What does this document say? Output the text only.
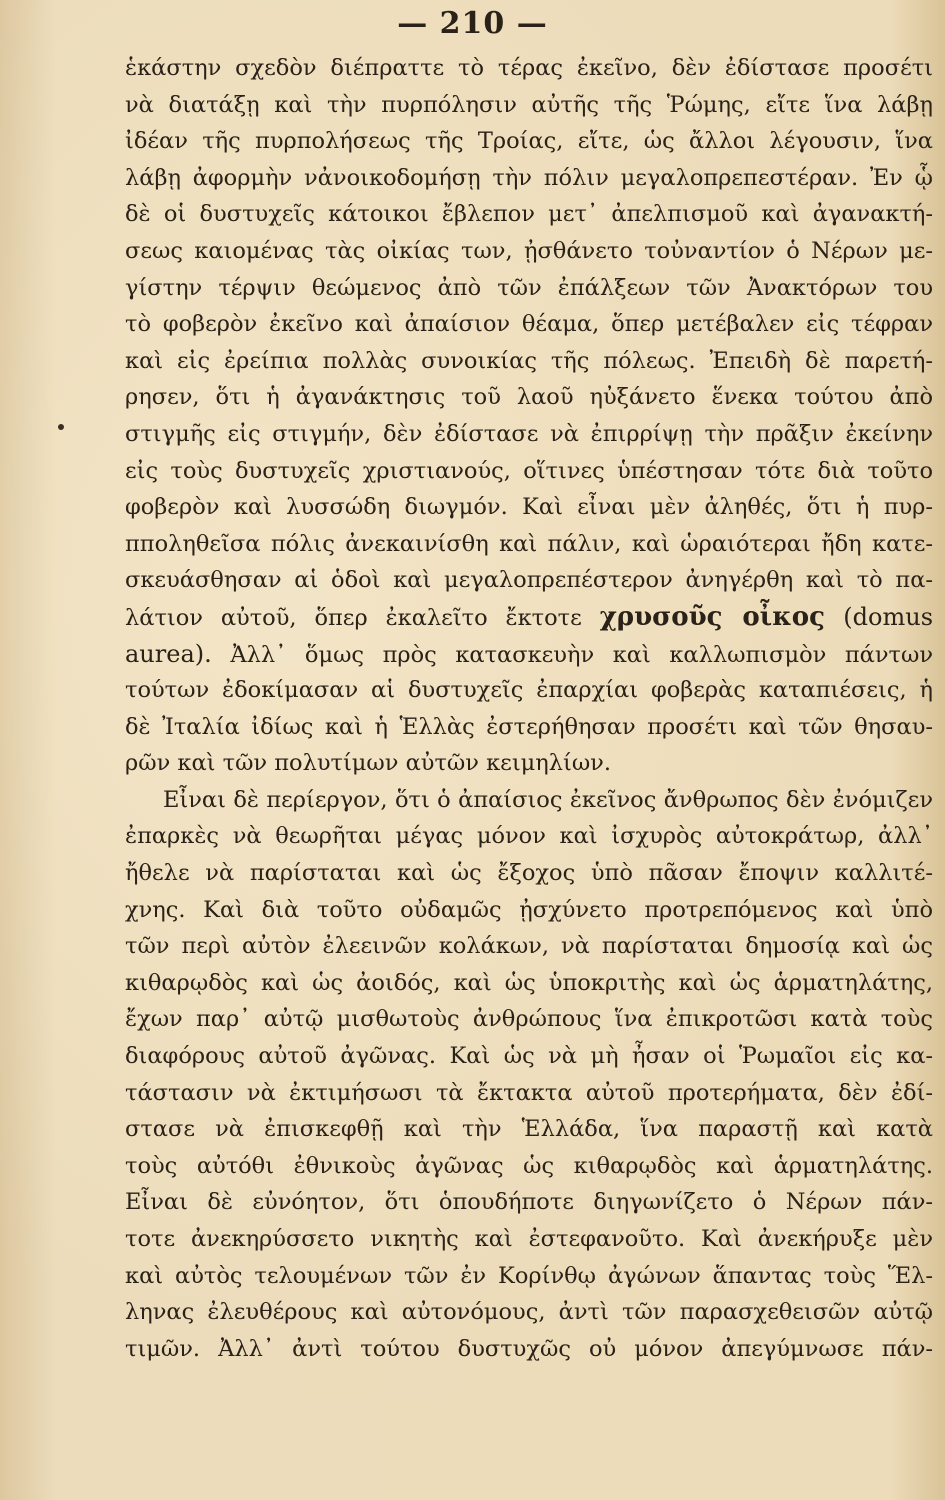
— 210 —
ἑκάστην σχεδὸν διέπραττε τὸ τέρας ἐκεῖνο, δὲν ἐδίστασε προσέτι
νὰ διατάξῃ καὶ τὴν πυρπόλησιν αὐτῆς τῆς Ῥώμης, εἴτε ἵνα λάβῃ
ἰδέαν τῆς πυρπολήσεως τῆς Τροίας, εἴτε, ὡς ἄλλοι λέγουσιν, ἵνα
λάβῃ ἀφορμὴν νἀνοικοδομήσῃ τὴν πόλιν μεγαλοπρεπεστέραν. Ἐν ᾧ
δὲ οἱ δυστυχεῖς κάτοικοι ἔβλεπον μετ᾽ ἀπελπισμοῦ καὶ ἀγανακτή-
σεως καιομένας τὰς οἰκίας των, ᾐσθάνετο τοὐναντίον ὁ Νέρων με-
γίστην τέρψιν θεώμενος ἀπὸ τῶν ἐπάλξεων τῶν Ἀνακτόρων του
τὸ φοβερὸν ἐκεῖνο καὶ ἀπαίσιον θέαμα, ὅπερ μετέβαλεν εἰς τέφραν
καὶ εἰς ἐρείπια πολλὰς συνοικίας τῆς πόλεως. Ἐπειδὴ δὲ παρετή-
ρησεν, ὅτι ἡ ἀγανάκτησις τοῦ λαοῦ ηὐξάνετο ἕνεκα τούτου ἀπὸ
στιγμῆς εἰς στιγμήν, δὲν ἐδίστασε νὰ ἐπιρρίψῃ τὴν πρᾶξιν ἐκείνην
εἰς τοὺς δυστυχεῖς χριστιανούς, οἵτινες ὑπέστησαν τότε διὰ τοῦτο
φοβερὸν καὶ λυσσώδη διωγμόν. Καὶ εἶναι μὲν ἀληθές, ὅτι ἡ πυρ-
πποληθεῖσα πόλις ἀνεκαινίσθη καὶ πάλιν, καὶ ὡραιότεραι ἤδη κατε-
σκευάσθησαν αἱ ὁδοὶ καὶ μεγαλοπρεπέστερον ἀνηγέρθη καὶ τὸ πα-
λάτιον αὐτοῦ, ὅπερ ἐκαλεῖτο ἔκτοτε χρυσοῦς οἶκος (domus
aurea). Ἀλλ᾽ ὅμως πρὸς κατασκευὴν καὶ καλλωπισμὸν πάντων
τούτων ἐδοκίμασαν αἱ δυστυχεῖς ἐπαρχίαι φοβερὰς καταπιέσεις, ἡ
δὲ Ἰταλία ἰδίως καὶ ἡ Ἑλλὰς ἐστερήθησαν προσέτι καὶ τῶν θησαυ-
ρῶν καὶ τῶν πολυτίμων αὐτῶν κειμηλίων.
Εἶναι δὲ περίεργον, ὅτι ὁ ἀπαίσιος ἐκεῖνος ἄνθρωπος δὲν ἐνόμιζεν
ἐπαρκὲς νὰ θεωρῆται μέγας μόνον καὶ ἰσχυρὸς αὐτοκράτωρ, ἀλλ᾽
ἤθελε νὰ παρίσταται καὶ ὡς ἔξοχος ὑπὸ πᾶσαν ἔποψιν καλλιτέ-
χνης. Καὶ διὰ τοῦτο οὐδαμῶς ᾐσχύνετο προτρεπόμενος καὶ ὑπὸ
τῶν περὶ αὐτὸν ἐλεεινῶν κολάκων, νὰ παρίσταται δημοσίᾳ καὶ ὡς
κιθαρῳδὸς καὶ ὡς ἀοιδός, καὶ ὡς ὑποκριτὴς καὶ ὡς ἁρματηλάτης,
ἔχων παρ᾽ αὐτῷ μισθωτοὺς ἀνθρώπους ἵνα ἐπικροτῶσι κατὰ τοὺς
διαφόρους αὐτοῦ ἀγῶνας. Καὶ ὡς νὰ μὴ ἦσαν οἱ Ῥωμαῖοι εἰς κα-
τάστασιν νὰ ἐκτιμήσωσι τὰ ἔκτακτα αὐτοῦ προτερήματα, δὲν ἐδί-
στασε νὰ ἐπισκεφθῇ καὶ τὴν Ἑλλάδα, ἵνα παραστῇ καὶ κατὰ
τοὺς αὐτόθι ἐθνικοὺς ἀγῶνας ὡς κιθαρῳδὸς καὶ ἁρματηλάτης.
Εἶναι δὲ εὐνόητον, ὅτι ὁπουδήποτε διηγωνίζετο ὁ Νέρων πάν-
τοτε ἀνεκηρύσσετο νικητὴς καὶ ἐστεφανοῦτο. Καὶ ἀνεκήρυξε μὲν
καὶ αὐτὸς τελουμένων τῶν ἐν Κορίνθῳ ἀγώνων ἅπαντας τοὺς Ἕλ-
ληνας ἐλευθέρους καὶ αὐτονόμους, ἀντὶ τῶν παρασχεθεισῶν αὐτῷ
τιμῶν. Ἀλλ᾽ ἀντὶ τούτου δυστυχῶς οὐ μόνον ἀπεγύμνωσε πάν-
